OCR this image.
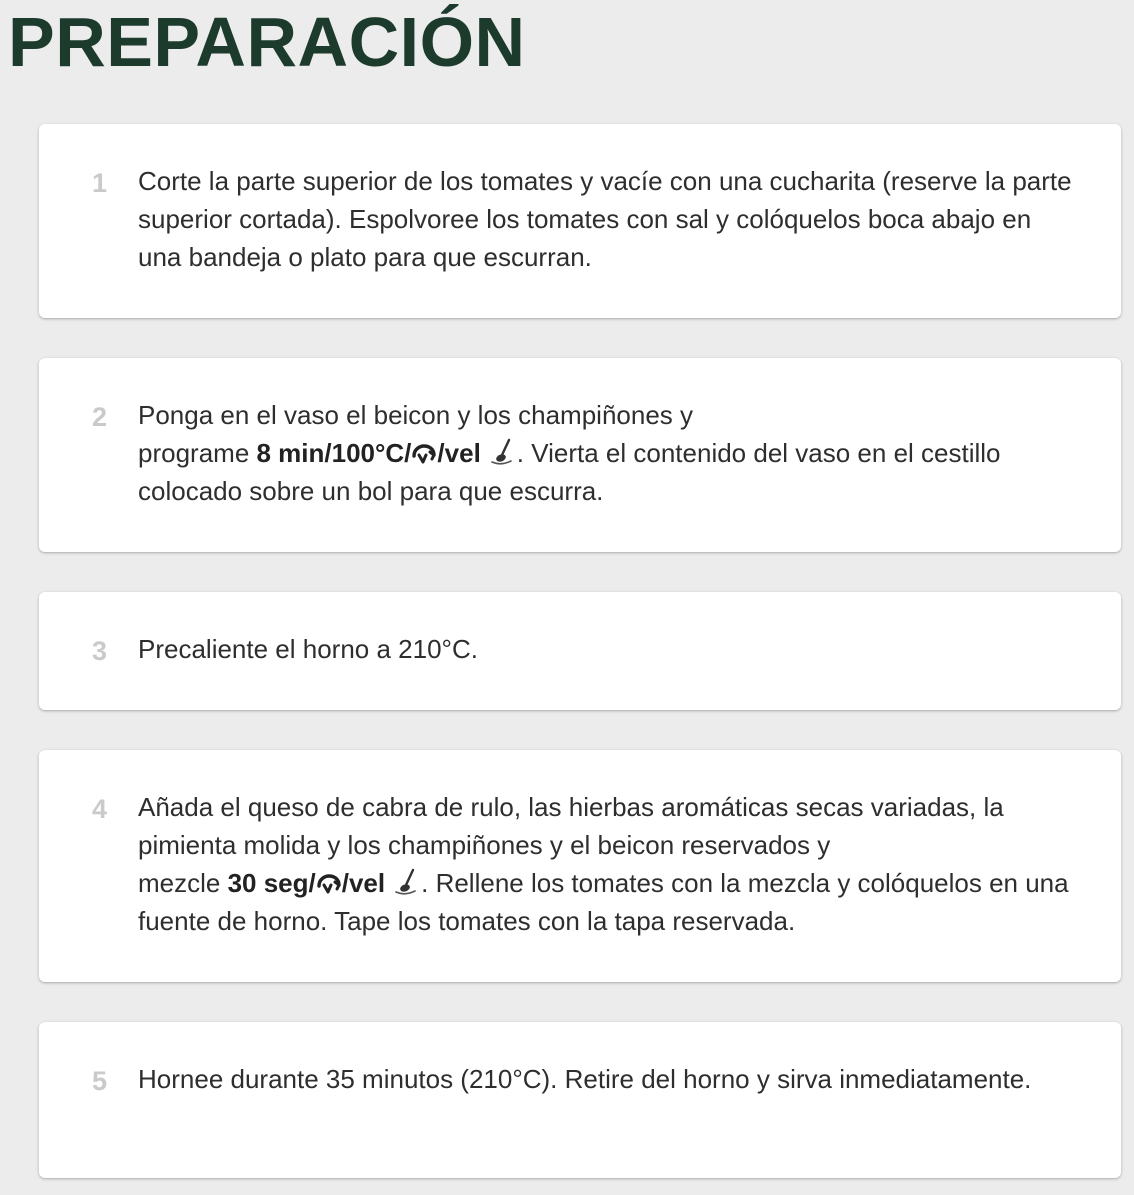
PREPARACIÓN
1 Corte la parte superior de los tomates y vacíe con una cucharita (reserve la parte superior cortada). Espolvoree los tomates con sal y colóquelos boca abajo en una bandeja o plato para que escurran.

2 Ponga en el vaso el beicon y los champiñones y
programe 8 min/100°C/ /vel . Vierta el contenido del vaso en el cestillo colocado sobre un bol para que escurra.

3 Precaliente el horno a 210°C.

4 Añada el queso de cabra de rulo, las hierbas aromáticas secas variadas, la pimienta molida y los champiñones y el beicon reservados y
mezcle 30 seg/ /vel . Rellene los tomates con la mezcla y colóquelos en una fuente de horno. Tape los tomates con la tapa reservada.

5 Hornee durante 35 minutos (210°C). Retire del horno y sirva inmediatamente.
